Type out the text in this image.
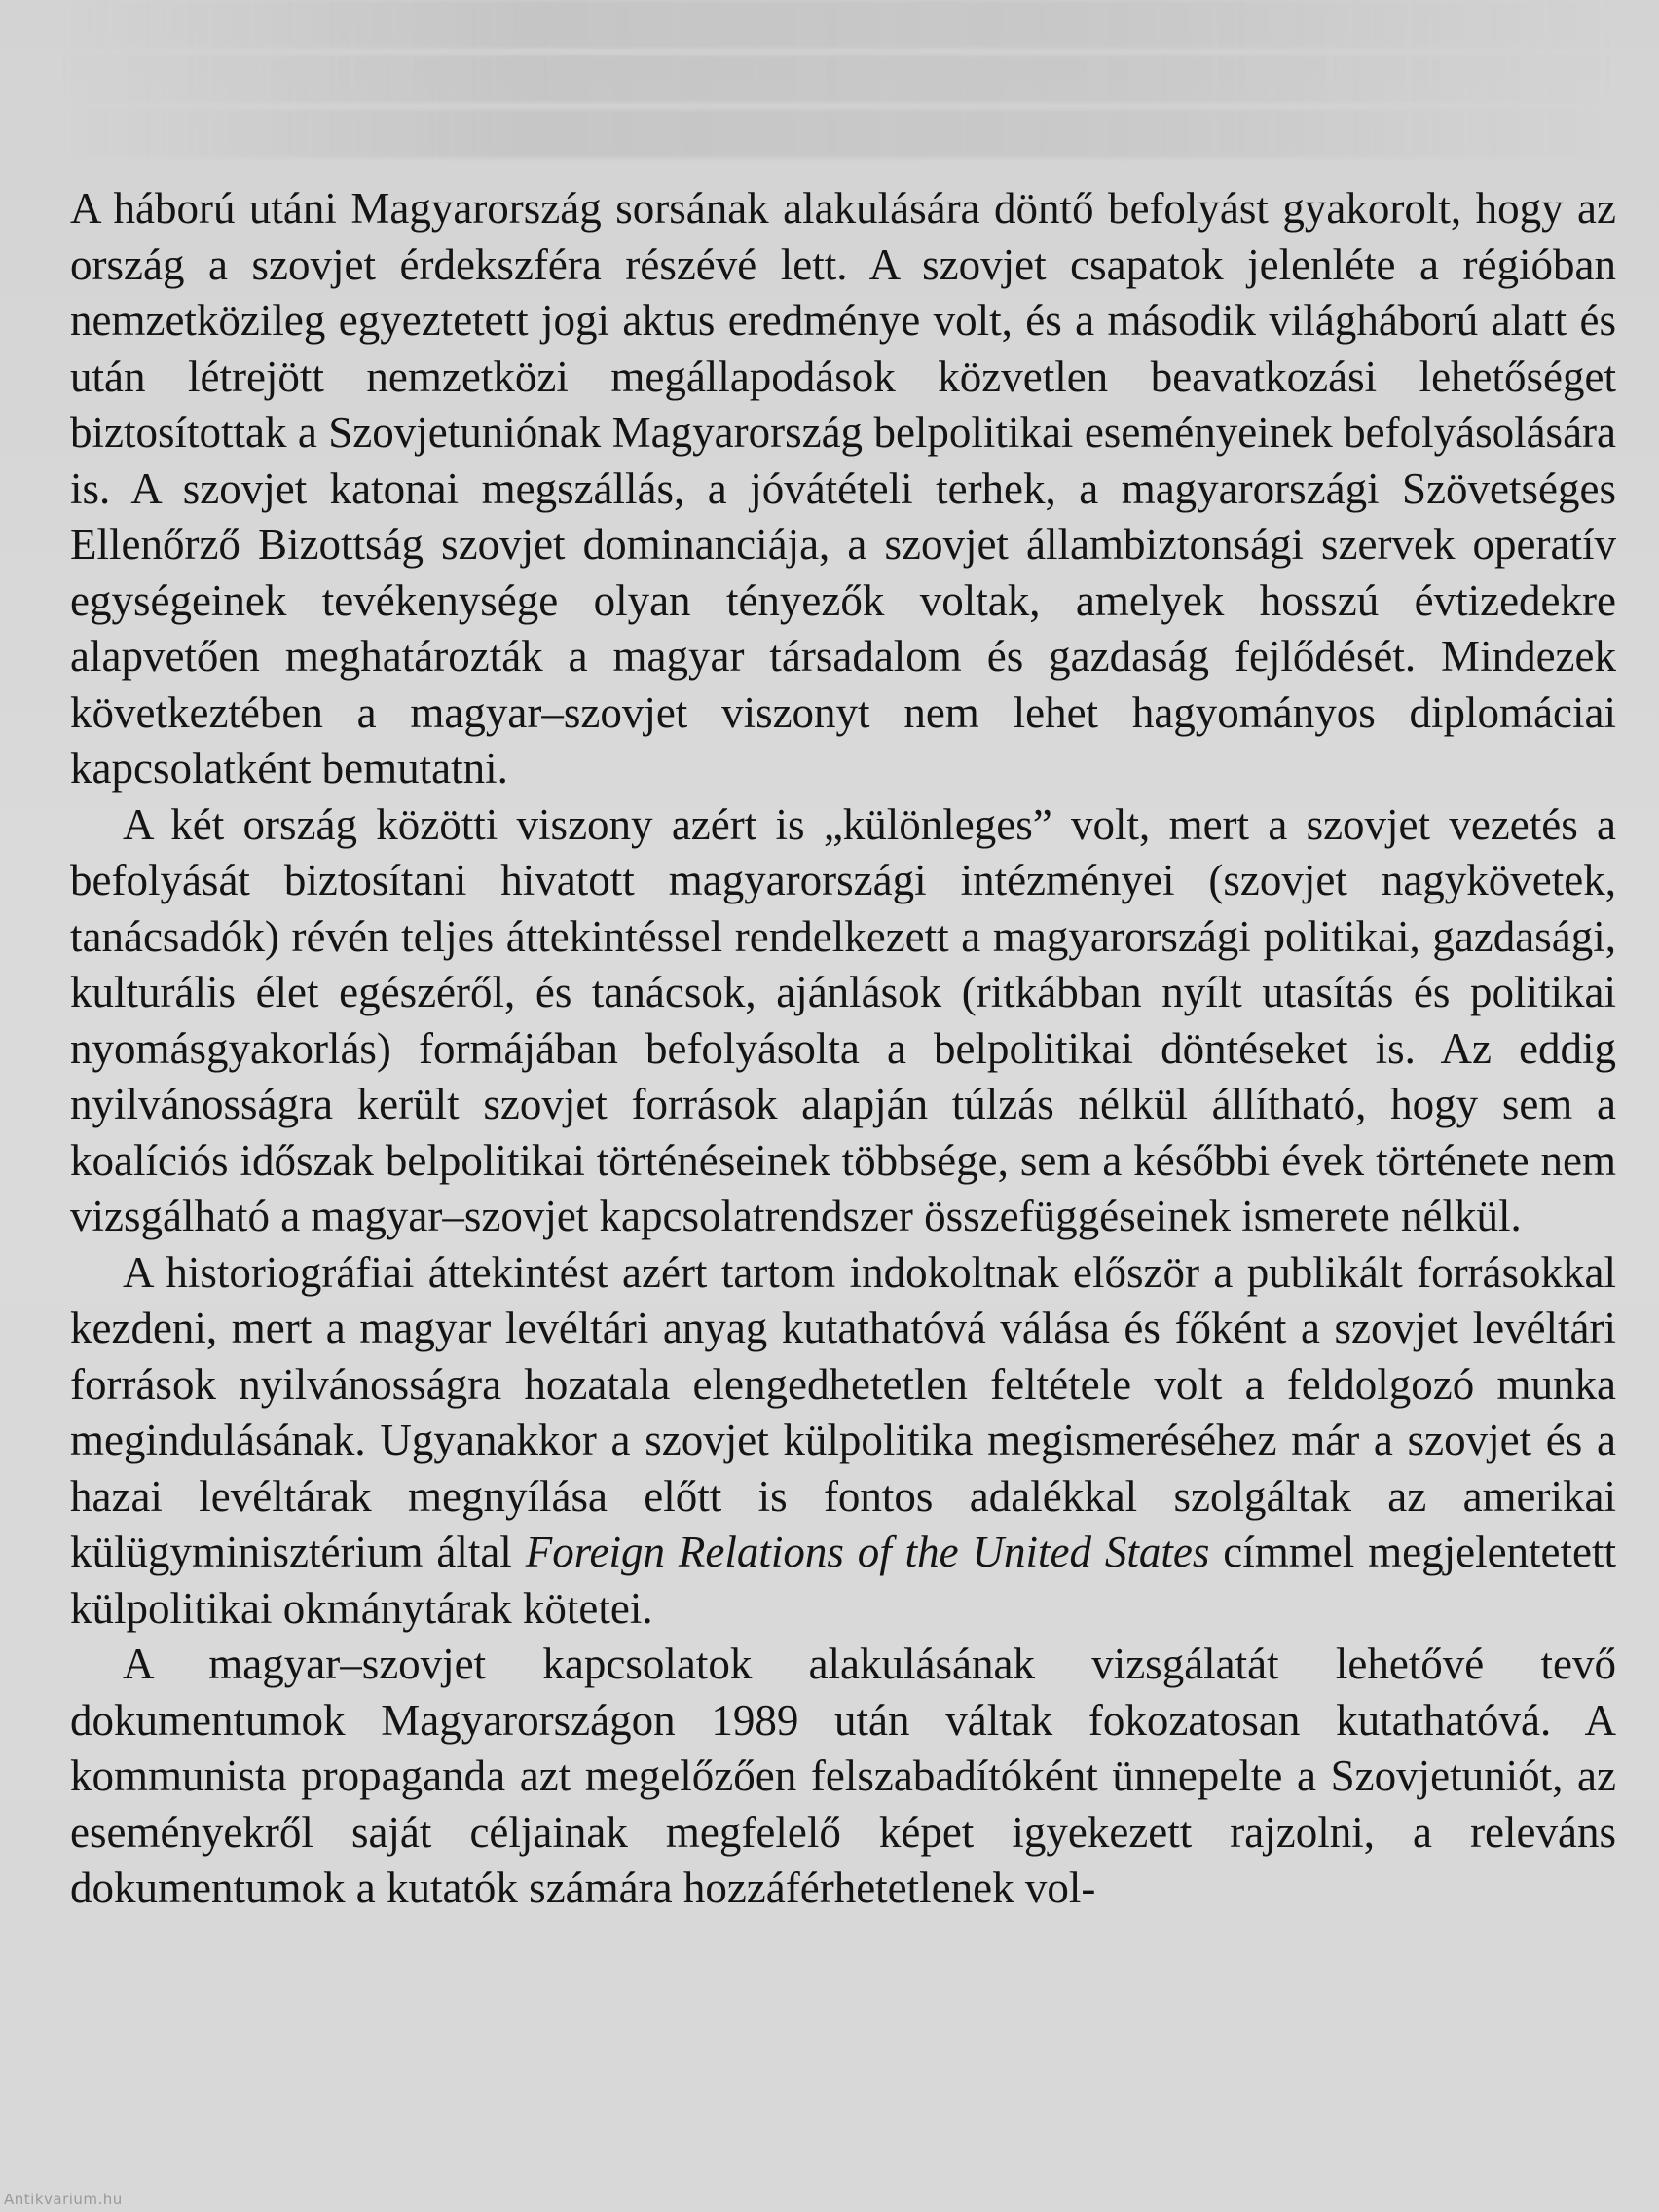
A háború utáni Magyarország sorsának alakulására döntő befolyást gyakorolt, hogy az ország a szovjet érdekszféra részévé lett. A szovjet csapatok jelenléte a régióban nemzetközileg egyeztetett jogi aktus eredménye volt, és a második világháború alatt és után létrejött nemzetközi megállapodások közvetlen beavatkozási lehetőséget biztosítottak a Szovjetuniónak Magyarország belpolitikai eseményeinek befolyásolására is. A szovjet katonai megszállás, a jóvátételi terhek, a magyarországi Szövetséges Ellenőrző Bizottság szovjet dominanciája, a szovjet állambiztonsági szervek operatív egységeinek tevékenysége olyan tényezők voltak, amelyek hosszú évtizedekre alapvetően meghatározták a magyar társadalom és gazdaság fejlődését. Mindezek következtében a magyar–szovjet viszonyt nem lehet hagyományos diplomáciai kapcsolatként bemutatni.

A két ország közötti viszony azért is „különleges” volt, mert a szovjet vezetés a befolyását biztosítani hivatott magyarországi intézményei (szovjet nagykövetek, tanácsadók) révén teljes áttekintéssel rendelkezett a magyarországi politikai, gazdasági, kulturális élet egészéről, és tanácsok, ajánlások (ritkábban nyílt utasítás és politikai nyomásgyakorlás) formájában befolyásolta a belpolitikai döntéseket is. Az eddig nyilvánosságra került szovjet források alapján túlzás nélkül állítható, hogy sem a koalíciós időszak belpolitikai történéseinek többsége, sem a későbbi évek története nem vizsgálható a magyar–szovjet kapcsolatrendszer összefüggéseinek ismerete nélkül.

A historiográfiai áttekintést azért tartom indokoltnak először a publikált forrásokkal kezdeni, mert a magyar levéltári anyag kutathatóvá válása és főként a szovjet levéltári források nyilvánosságra hozatala elengedhetetlen feltétele volt a feldolgozó munka megindulásának. Ugyanakkor a szovjet külpolitika megismeréséhez már a szovjet és a hazai levéltárak megnyílása előtt is fontos adalékkal szolgáltak az amerikai külügyminisztérium által Foreign Relations of the United States címmel megjelentetett külpolitikai okmánytárak kötetei.

A magyar–szovjet kapcsolatok alakulásának vizsgálatát lehetővé tevő dokumentumok Magyarországon 1989 után váltak fokozatosan kutathatóvá. A kommunista propaganda azt megelőzően felszabadítóként ünnepelte a Szovjetuniót, az eseményekről saját céljainak megfelelő képet igyekezett rajzolni, a releváns dokumentumok a kutatók számára hozzáférhetetlenek vol-

Antikvarium.hu
